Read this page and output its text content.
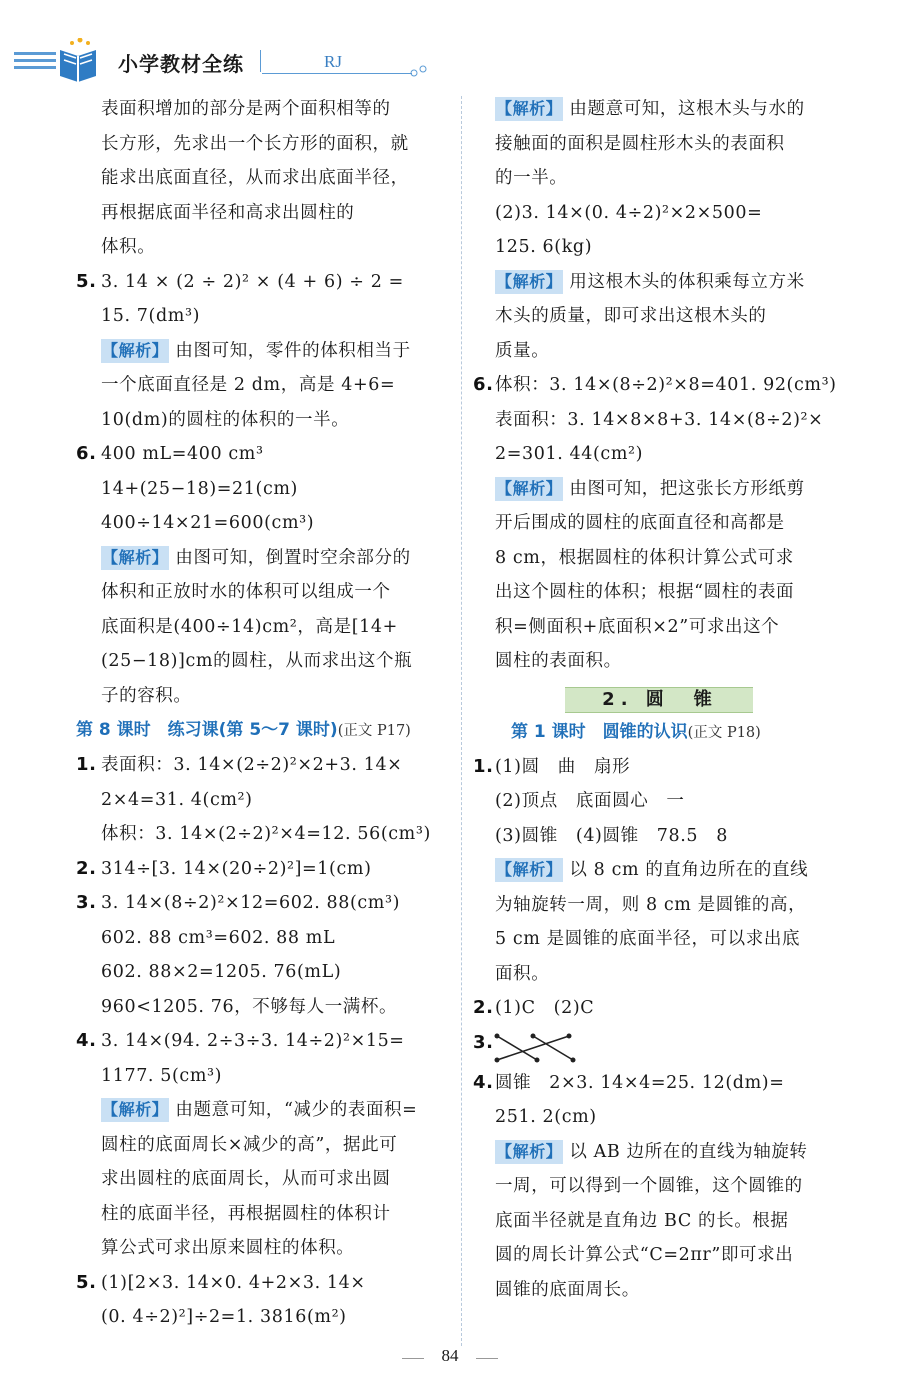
小学教材全练	RJ
表面积增加的部分是两个面积相等的
长方形，先求出一个长方形的面积，就
能求出底面直径，从而求出底面半径，
再根据底面半径和高求出圆柱的
体积。
5. 3. 14 × (2 ÷ 2)² × (4 + 6) ÷ 2 =
15. 7(dm³)
【解析】 由图可知，零件的体积相当于
一个底面直径是 2 dm，高是 4+6=
10(dm)的圆柱的体积的一半。
6. 400 mL=400 cm³
14+(25−18)=21(cm)
400÷14×21=600(cm³)
【解析】 由图可知，倒置时空余部分的
体积和正放时水的体积可以组成一个
底面积是(400÷14)cm²，高是[14+
(25−18)]cm的圆柱，从而求出这个瓶
子的容积。
第 8 课时　练习课(第 5～7 课时)(正文 P17)
1. 表面积：3. 14×(2÷2)²×2+3. 14×
2×4=31. 4(cm²)
体积：3. 14×(2÷2)²×4=12. 56(cm³)
2. 314÷[3. 14×(20÷2)²]=1(cm)
3. 3. 14×(8÷2)²×12=602. 88(cm³)
602. 88 cm³=602. 88 mL
602. 88×2=1205. 76(mL)
960<1205. 76，不够每人一满杯。
4. 3. 14×(94. 2÷3÷3. 14÷2)²×15=
1177. 5(cm³)
【解析】 由题意可知，“减少的表面积=
圆柱的底面周长×减少的高”，据此可
求出圆柱的底面周长，从而可求出圆
柱的底面半径，再根据圆柱的体积计
算公式可求出原来圆柱的体积。
5. (1)[2×3. 14×0. 4+2×3. 14×
(0. 4÷2)²]÷2=1. 3816(m²)
【解析】 由题意可知，这根木头与水的
接触面的面积是圆柱形木头的表面积
的一半。
(2)3. 14×(0. 4÷2)²×2×500=
125. 6(kg)
【解析】 用这根木头的体积乘每立方米
木头的质量，即可求出这根木头的
质量。
6. 体积：3. 14×(8÷2)²×8=401. 92(cm³)
表面积：3. 14×8×8+3. 14×(8÷2)²×
2=301. 44(cm²)
【解析】 由图可知，把这张长方形纸剪
开后围成的圆柱的底面直径和高都是
8 cm，根据圆柱的体积计算公式可求
出这个圆柱的体积；根据“圆柱的表面
积=侧面积+底面积×2”可求出这个
圆柱的表面积。
2. 圆　锥
第 1 课时　圆锥的认识(正文 P18)
1. (1)圆　曲　扇形
(2)顶点　底面圆心　一
(3)圆锥　(4)圆锥　78.5　8
【解析】 以 8 cm 的直角边所在的直线
为轴旋转一周，则 8 cm 是圆锥的高，
5 cm 是圆锥的底面半径，可以求出底
面积。
2. (1)C　(2)C
3.
4. 圆锥　2×3. 14×4=25. 12(dm)=
251. 2(cm)
【解析】 以 AB 边所在的直线为轴旋转
一周，可以得到一个圆锥，这个圆锥的
底面半径就是直角边 BC 的长。根据
圆的周长计算公式“C=2πr”即可求出
圆锥的底面周长。
84
